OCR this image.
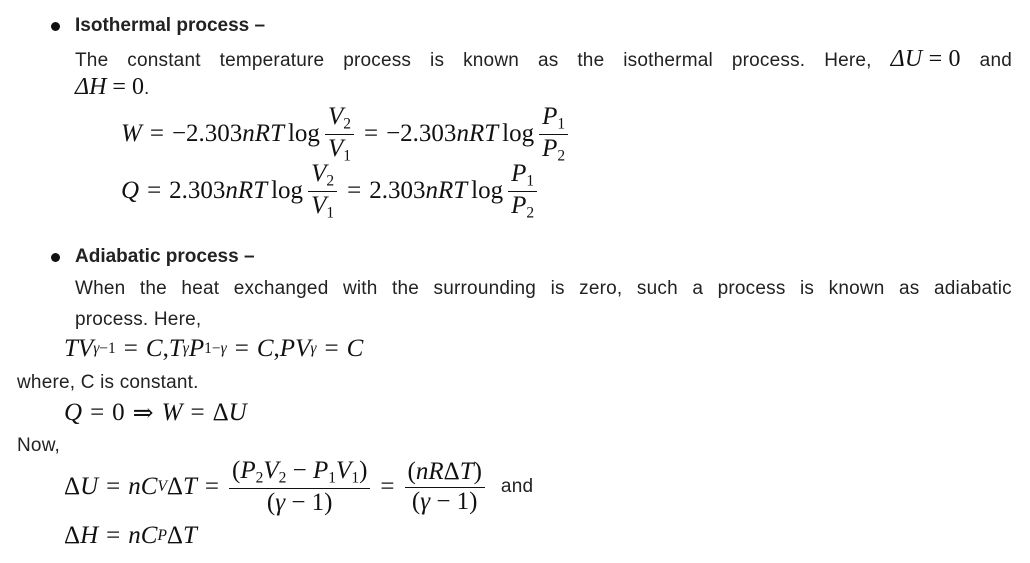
Isothermal process –
The constant temperature process is known as the isothermal process. Here, ΔU = 0 and
ΔH = 0.
W = −2.303 nRT $\log \frac{V_2}{V_1} = -2.303$ nRT $\log \frac{P_1}{P_2}$
Q = 2.303 nRT $\log \frac{V_2}{V_1} = 2.303$ nRT $\log \frac{P_1}{P_2}$
Adiabatic process –
When the heat exchanged with the surrounding is zero, such a process is known as adiabatic
process. Here,
TV γ−1 = C , T γ P 1−γ = C , PV γ = C
where, C is constant.
Q = 0 ⇒ W = Δ U
Now,
Δ U = nC V Δ $T = \frac{(P_2V_2 - P_1V_1)}{(\gamma - 1)} = \frac{\text{(nRΔT)}}{(\gamma - 1)}$ and
Δ H = nC P Δ T
